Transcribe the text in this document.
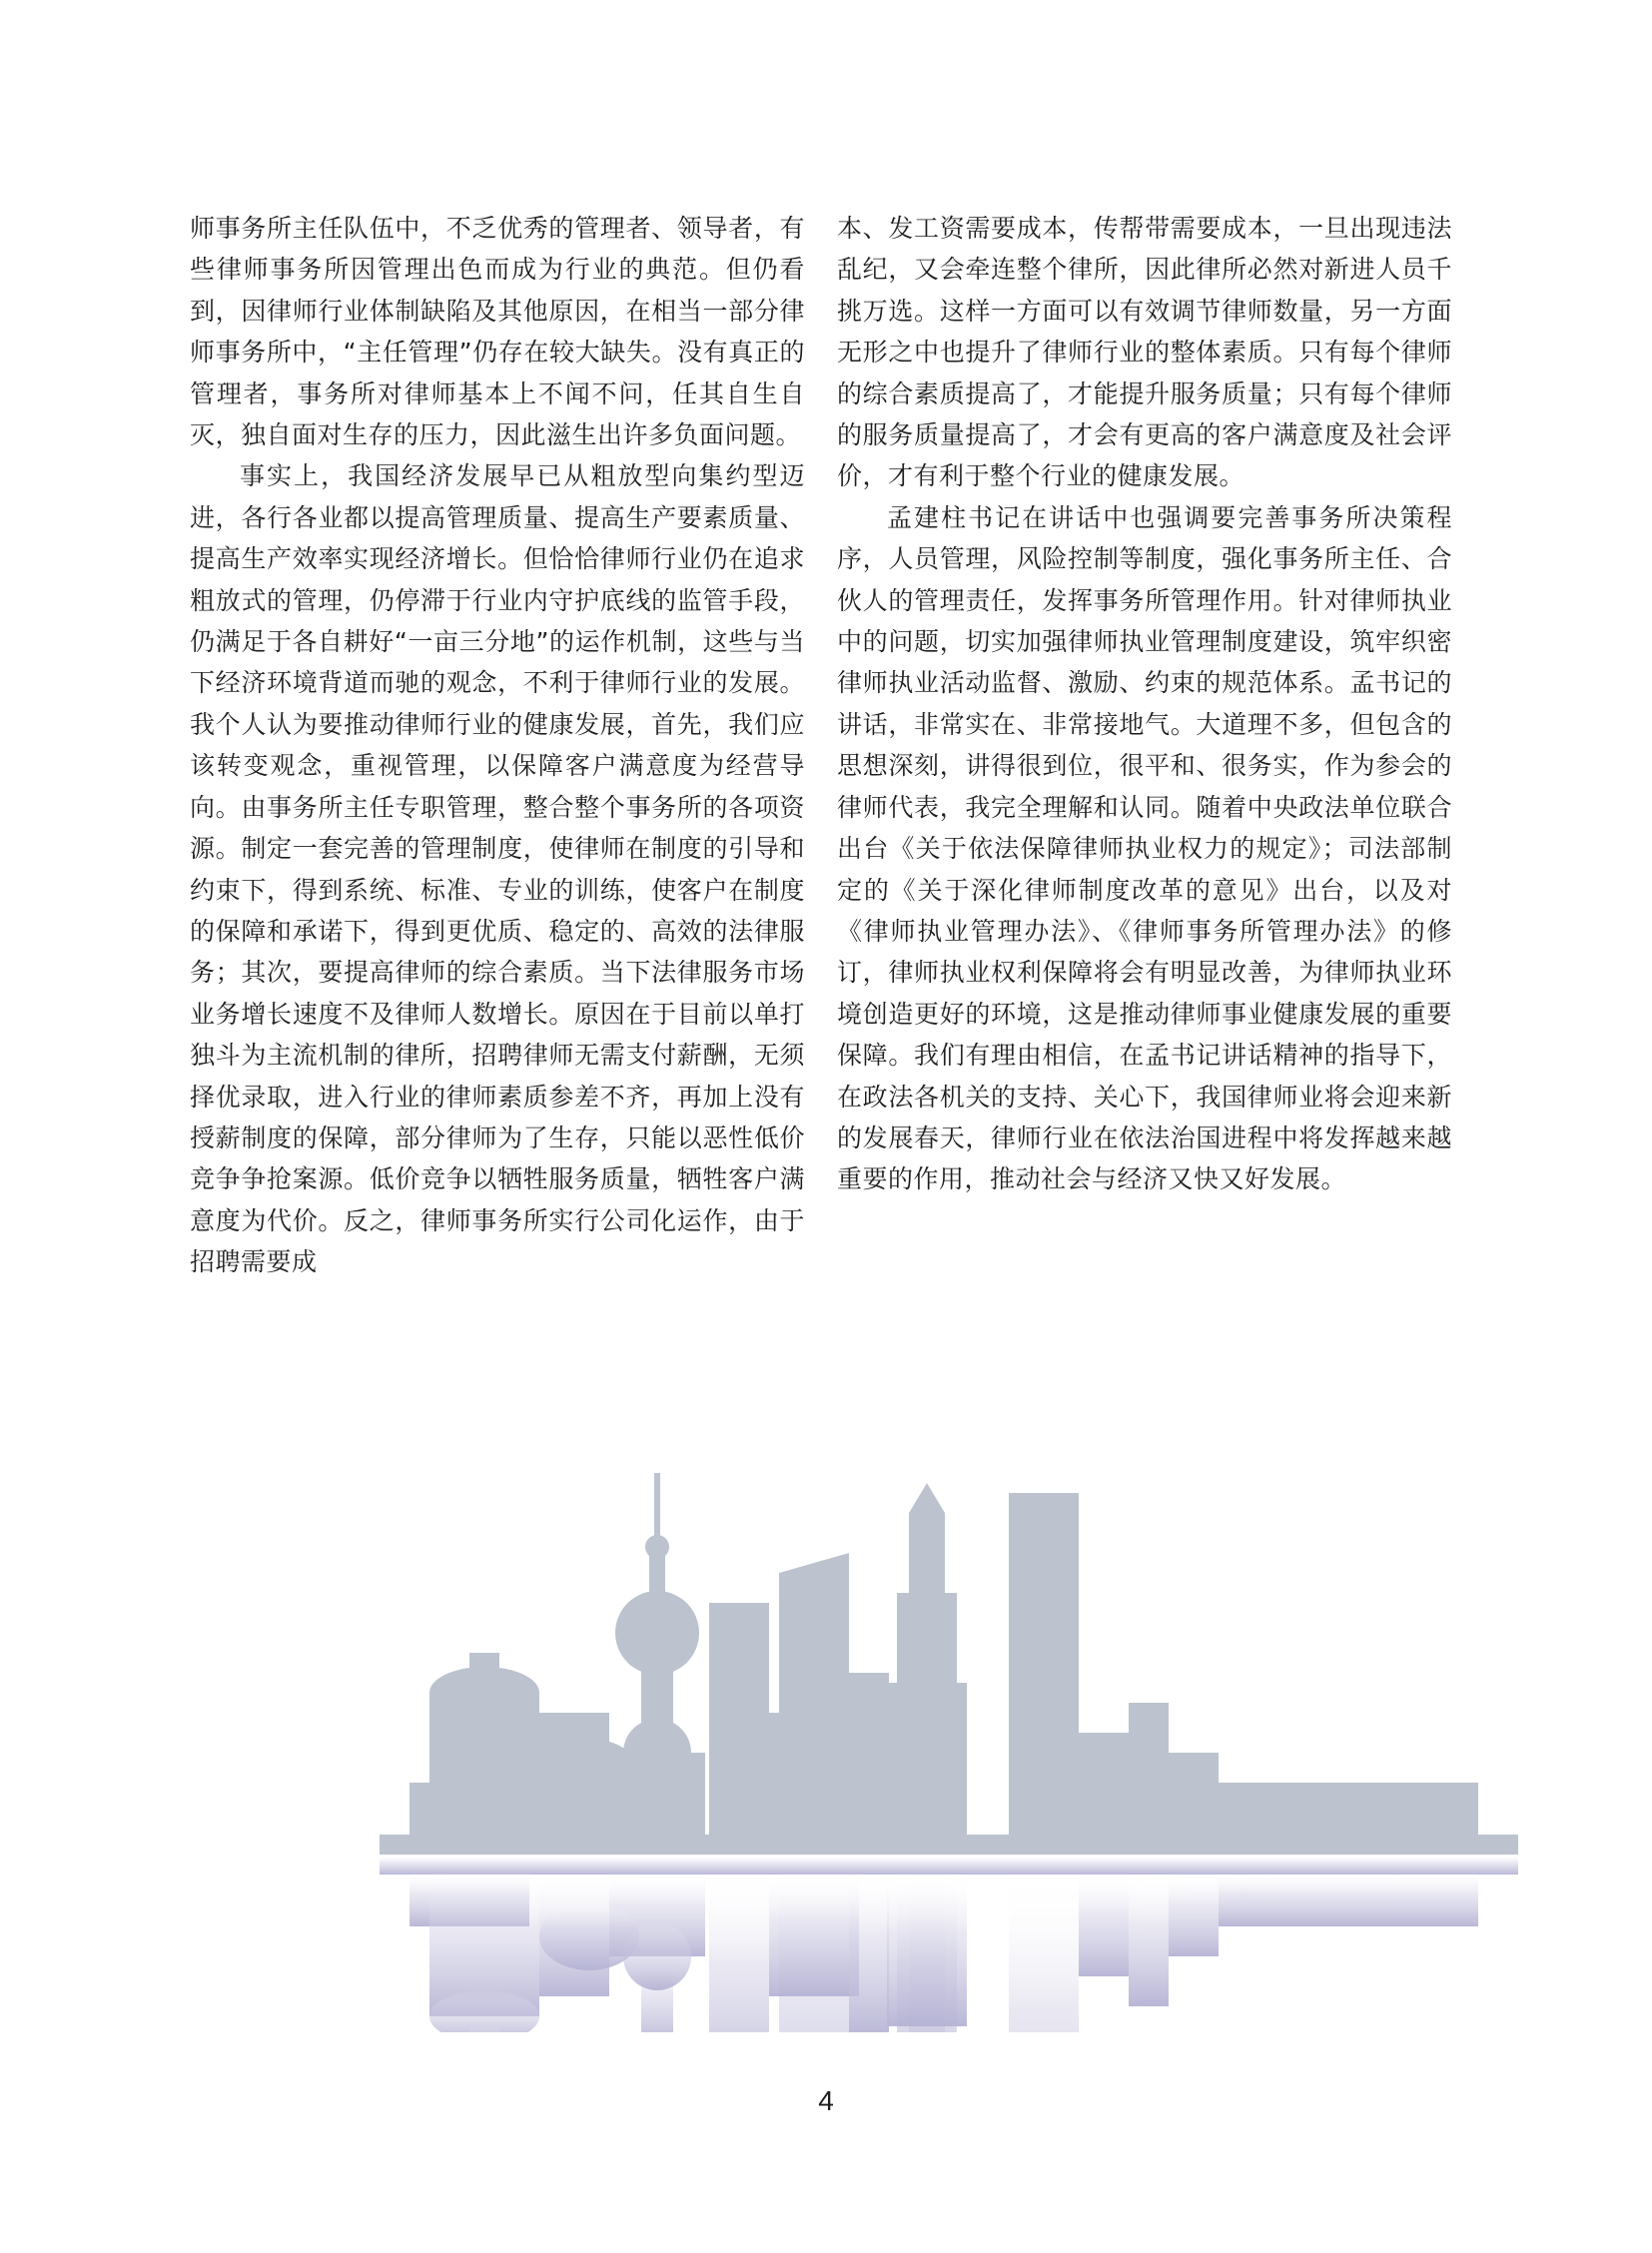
师事务所主任队伍中，不乏优秀的管理者、领导者，有些律师事务所因管理出色而成为行业的典范。但仍看到，因律师行业体制缺陷及其他原因，在相当一部分律师事务所中，“主任管理”仍存在较大缺失。没有真正的管理者，事务所对律师基本上不闻不问，任其自生自灭，独自面对生存的压力，因此滋生出许多负面问题。

事实上，我国经济发展早已从粗放型向集约型迈进，各行各业都以提高管理质量、提高生产要素质量、提高生产效率实现经济增长。但恰恰律师行业仍在追求粗放式的管理，仍停滞于行业内守护底线的监管手段，仍满足于各自耕好“一亩三分地”的运作机制，这些与当下经济环境背道而驰的观念，不利于律师行业的发展。我个人认为要推动律师行业的健康发展，首先，我们应该转变观念，重视管理，以保障客户满意度为经营导向。由事务所主任专职管理，整合整个事务所的各项资源。制定一套完善的管理制度，使律师在制度的引导和约束下，得到系统、标准、专业的训练，使客户在制度的保障和承诺下，得到更优质、稳定的、高效的法律服务；其次，要提高律师的综合素质。当下法律服务市场业务增长速度不及律师人数增长。原因在于目前以单打独斗为主流机制的律所，招聘律师无需支付薪酬，无须择优录取，进入行业的律师素质参差不齐，再加上没有授薪制度的保障，部分律师为了生存，只能以恶性低价竞争争抢案源。低价竞争以牺牲服务质量，牺牲客户满意度为代价。反之，律师事务所实行公司化运作，由于招聘需要成

本、发工资需要成本，传帮带需要成本，一旦出现违法乱纪，又会牵连整个律所，因此律所必然对新进人员千挑万选。这样一方面可以有效调节律师数量，另一方面无形之中也提升了律师行业的整体素质。只有每个律师的综合素质提高了，才能提升服务质量；只有每个律师的服务质量提高了，才会有更高的客户满意度及社会评价，才有利于整个行业的健康发展。

孟建柱书记在讲话中也强调要完善事务所决策程序，人员管理，风险控制等制度，强化事务所主任、合伙人的管理责任，发挥事务所管理作用。针对律师执业中的问题，切实加强律师执业管理制度建设，筑牢织密律师执业活动监督、激励、约束的规范体系。孟书记的讲话，非常实在、非常接地气。大道理不多，但包含的思想深刻，讲得很到位，很平和、很务实，作为参会的律师代表，我完全理解和认同。随着中央政法单位联合出台《关于依法保障律师执业权力的规定》；司法部制定的《关于深化律师制度改革的意见》出台，以及对《律师执业管理办法》、《律师事务所管理办法》的修订，律师执业权利保障将会有明显改善，为律师执业环境创造更好的环境，这是推动律师事业健康发展的重要保障。我们有理由相信，在孟书记讲话精神的指导下，在政法各机关的支持、关心下，我国律师业将会迎来新的发展春天，律师行业在依法治国进程中将发挥越来越重要的作用，推动社会与经济又快又好发展。

4
